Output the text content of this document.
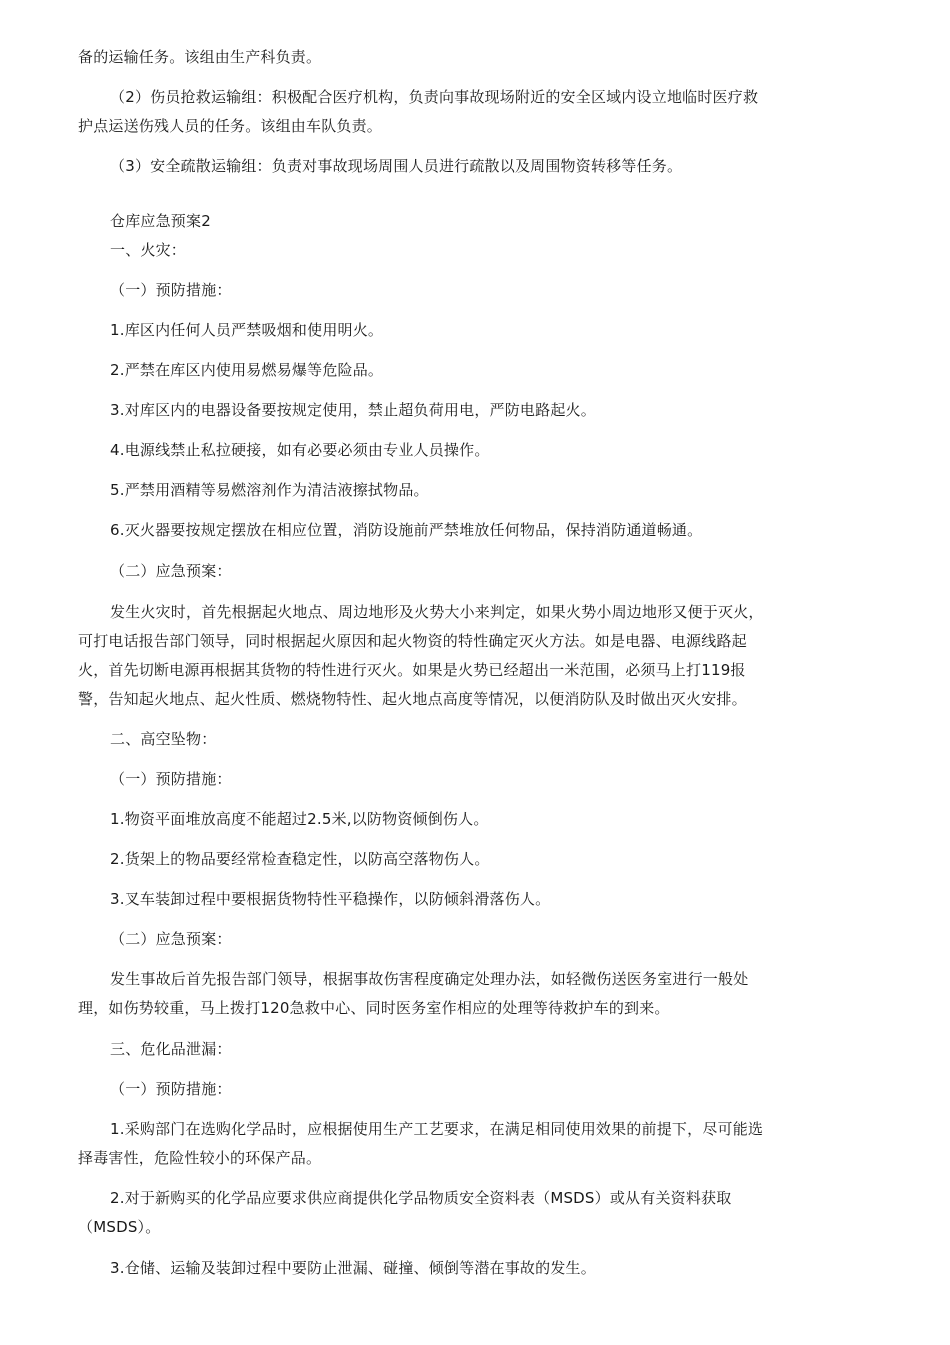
备的运输任务。该组由生产科负责。

（2）伤员抢救运输组：积极配合医疗机构，负责向事故现场附近的安全区域内设立地临时医疗救

护点运送伤残人员的任务。该组由车队负责。

（3）安全疏散运输组：负责对事故现场周围人员进行疏散以及周围物资转移等任务。

仓库应急预案2

一、火灾：

（一）预防措施：

1.库区内任何人员严禁吸烟和使用明火。

2.严禁在库区内使用易燃易爆等危险品。

3.对库区内的电器设备要按规定使用，禁止超负荷用电，严防电路起火。

4.电源线禁止私拉硬接，如有必要必须由专业人员操作。

5.严禁用酒精等易燃溶剂作为清洁液擦拭物品。

6.灭火器要按规定摆放在相应位置，消防设施前严禁堆放任何物品，保持消防通道畅通。

（二）应急预案：

发生火灾时，首先根据起火地点、周边地形及火势大小来判定，如果火势小周边地形又便于灭火，

可打电话报告部门领导，同时根据起火原因和起火物资的特性确定灭火方法。如是电器、电源线路起

火，首先切断电源再根据其货物的特性进行灭火。如果是火势已经超出一米范围，必须马上打119报

警，告知起火地点、起火性质、燃烧物特性、起火地点高度等情况，以便消防队及时做出灭火安排。

二、高空坠物：

（一）预防措施：

1.物资平面堆放高度不能超过2.5米,以防物资倾倒伤人。

2.货架上的物品要经常检查稳定性，以防高空落物伤人。

3.叉车装卸过程中要根据货物特性平稳操作，以防倾斜滑落伤人。

（二）应急预案：

发生事故后首先报告部门领导，根据事故伤害程度确定处理办法，如轻微伤送医务室进行一般处

理，如伤势较重，马上拨打120急救中心、同时医务室作相应的处理等待救护车的到来。

三、危化品泄漏：

（一）预防措施：

1.采购部门在选购化学品时，应根据使用生产工艺要求，在满足相同使用效果的前提下，尽可能选

择毒害性，危险性较小的环保产品。

2.对于新购买的化学品应要求供应商提供化学品物质安全资料表（MSDS）或从有关资料获取

（MSDS）。

3.仓储、运输及装卸过程中要防止泄漏、碰撞、倾倒等潜在事故的发生。
